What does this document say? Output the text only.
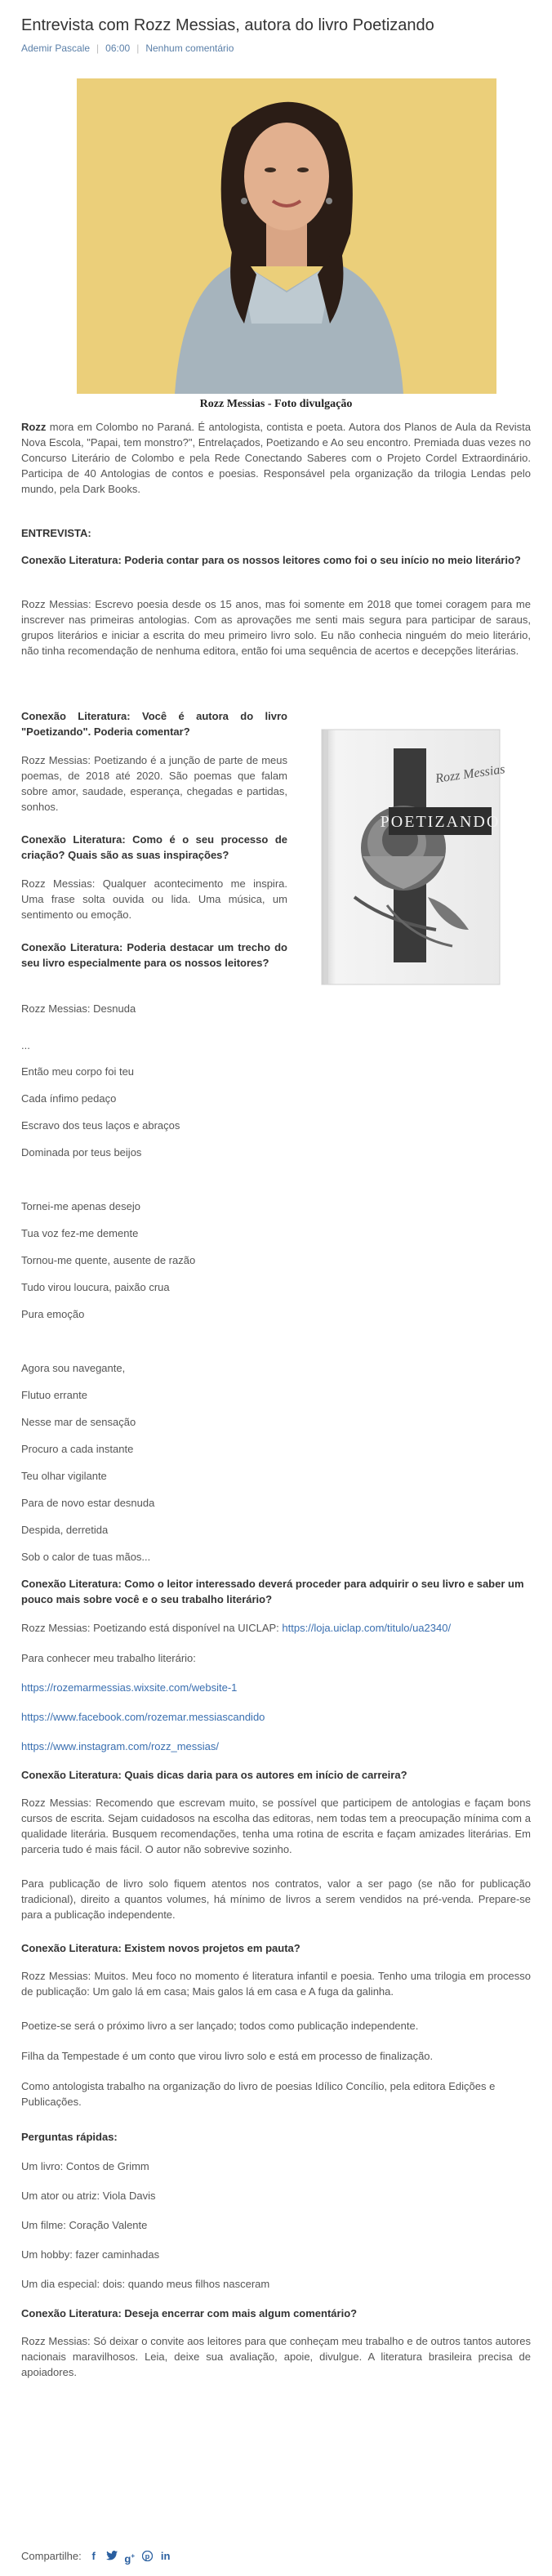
Entrevista com Rozz Messias, autora do livro Poetizando
Ademir Pascale | 06:00 | Nenhum comentário
Rozz Messias - Foto divulgação

Rozz mora em Colombo no Paraná. É antologista, contista e poeta. Autora dos Planos de Aula da Revista Nova Escola, "Papai, tem monstro?", Entrelaçados, Poetizando e Ao seu encontro. Premiada duas vezes no Concurso Literário de Colombo e pela Rede Conectando Saberes com o Projeto Cordel Extraordinário. Participa de 40 Antologias de contos e poesias. Responsável pela organização da trilogia Lendas pelo mundo, pela Dark Books.

ENTREVISTA:

Conexão Literatura: Poderia contar para os nossos leitores como foi o seu início no meio literário?

Rozz Messias: Escrevo poesia desde os 15 anos, mas foi somente em 2018 que tomei coragem para me inscrever nas primeiras antologias. Com as aprovações me senti mais segura para participar de saraus, grupos literários e iniciar a escrita do meu primeiro livro solo. Eu não conhecia ninguém do meio literário, não tinha recomendação de nenhuma editora, então foi uma sequência de acertos e decepções literárias.

Conexão Literatura: Você é autora do livro "Poetizando". Poderia comentar?

Rozz Messias: Poetizando é a junção de parte de meus poemas, de 2018 até 2020. São poemas que falam sobre amor, saudade, esperança, chegadas e partidas, sonhos.

Conexão Literatura: Como é o seu processo de criação? Quais são as suas inspirações?

Rozz Messias: Qualquer acontecimento me inspira. Uma frase solta ouvida ou lida. Uma música, um sentimento ou emoção.

Conexão Literatura: Poderia destacar um trecho do seu livro especialmente para os nossos leitores?

Rozz Messias: Desnuda

Rozz Messias
POETIZANDO

...

Então meu corpo foi teu

Cada ínfimo pedaço

Escravo dos teus laços e abraços

Dominada por teus beijos

Tornei-me apenas desejo

Tua voz fez-me demente

Tornou-me quente, ausente de razão

Tudo virou loucura, paixão crua

Pura emoção

Agora sou navegante,

Flutuo errante

Nesse mar de sensação

Procuro a cada instante

Teu olhar vigilante

Para de novo estar desnuda

Despida, derretida

Sob o calor de tuas mãos...

Conexão Literatura: Como o leitor interessado deverá proceder para adquirir o seu livro e saber um pouco mais sobre você e o seu trabalho literário?

Rozz Messias: Poetizando está disponível na UICLAP: https://loja.uiclap.com/titulo/ua2340/

Para conhecer meu trabalho literário:

https://rozemarmessias.wixsite.com/website-1

https://www.facebook.com/rozemar.messiascandido

https://www.instagram.com/rozz_messias/

Conexão Literatura: Quais dicas daria para os autores em início de carreira?

Rozz Messias: Recomendo que escrevam muito, se possível que participem de antologias e façam bons cursos de escrita. Sejam cuidadosos na escolha das editoras, nem todas tem a preocupação mínima com a qualidade literária. Busquem recomendações, tenha uma rotina de escrita e façam amizades literárias. Em parceria tudo é mais fácil. O autor não sobrevive sozinho.

Para publicação de livro solo fiquem atentos nos contratos, valor a ser pago (se não for publicação tradicional), direito a quantos volumes, há mínimo de livros a serem vendidos na pré-venda. Prepare-se para a publicação independente.

Conexão Literatura: Existem novos projetos em pauta?

Rozz Messias: Muitos. Meu foco no momento é literatura infantil e poesia. Tenho uma trilogia em processo de publicação: Um galo lá em casa; Mais galos lá em casa e A fuga da galinha.

Poetize-se será o próximo livro a ser lançado; todos como publicação independente.

Filha da Tempestade é um conto que virou livro solo e está em processo de finalização.

Como antologista trabalho na organização do livro de poesias Idílico Concílio, pela editora Edições e Publicações.

Perguntas rápidas:

Um livro: Contos de Grimm

Um ator ou atriz: Viola Davis

Um filme: Coração Valente

Um hobby: fazer caminhadas

Um dia especial: dois: quando meus filhos nasceram

Conexão Literatura: Deseja encerrar com mais algum comentário?

Rozz Messias: Só deixar o convite aos leitores para que conheçam meu trabalho e de outros tantos autores nacionais maravilhosos. Leia, deixe sua avaliação, apoie, divulgue. A literatura brasileira precisa de apoiadores.

Compartilhe: f	g+ p in
